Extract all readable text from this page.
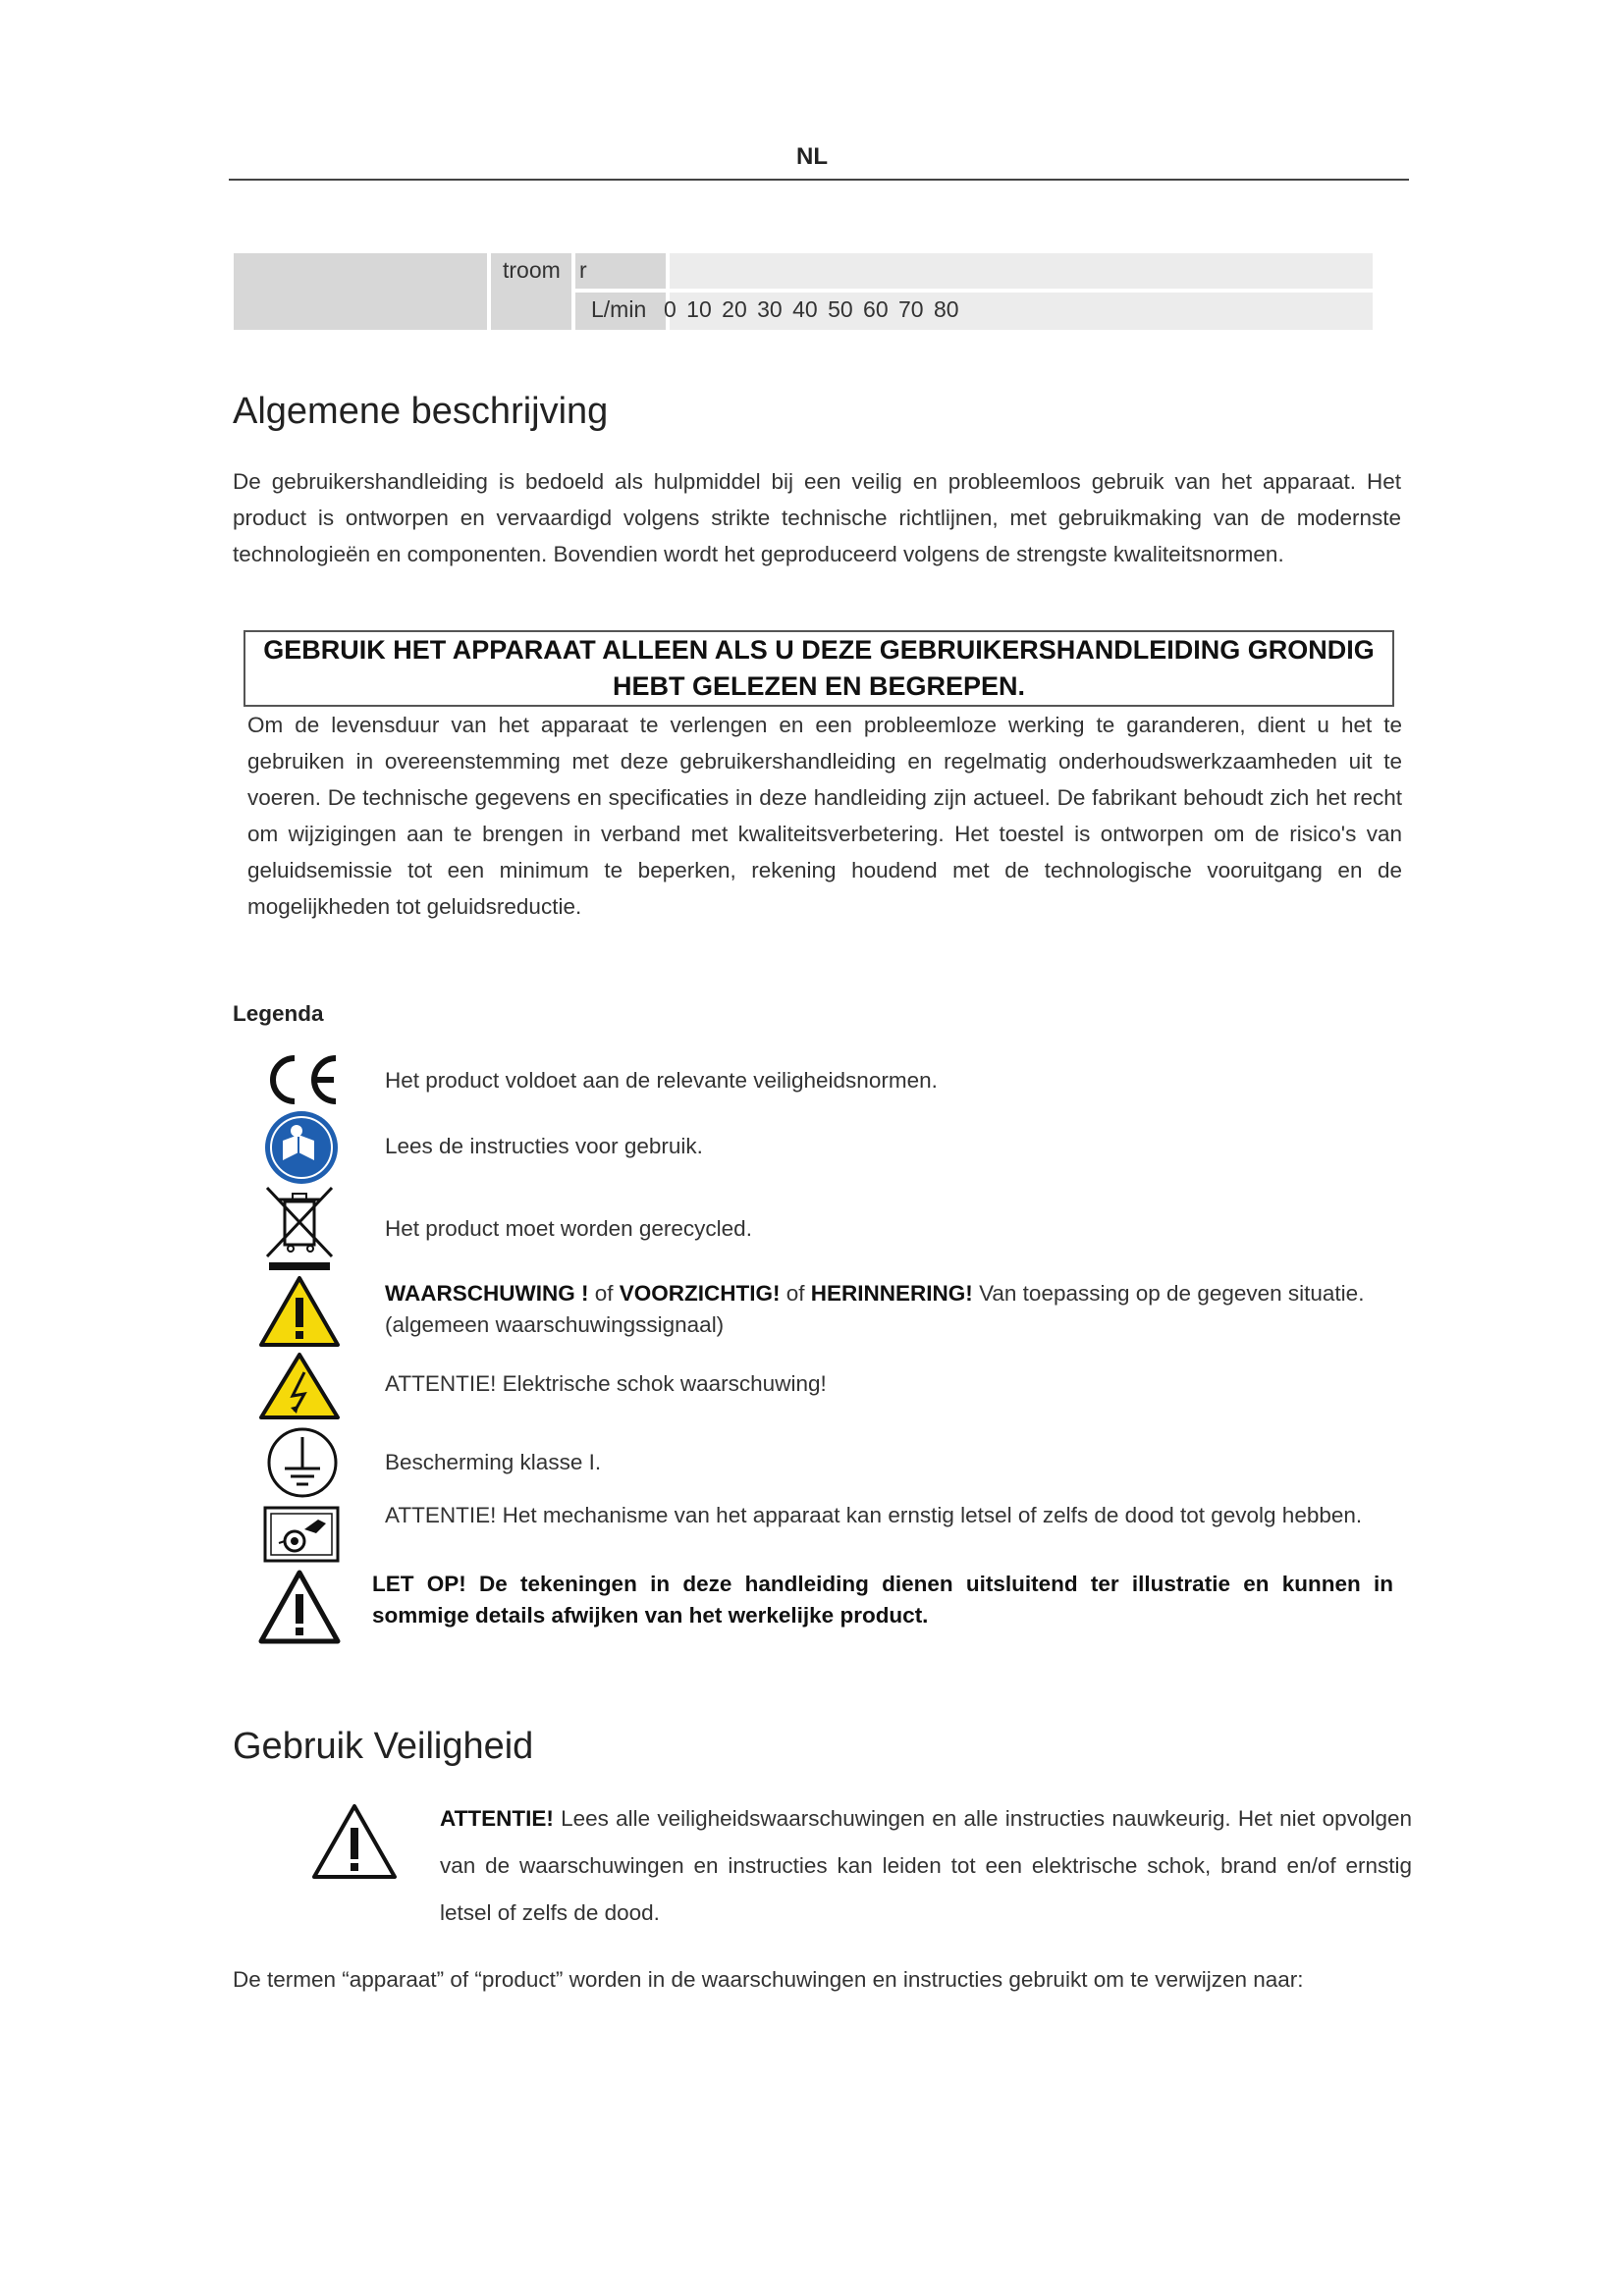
NL
troom r
L/min 0 10 20 30 40 50 60 70 80
Algemene beschrijving
De gebruikershandleiding is bedoeld als hulpmiddel bij een veilig en probleemloos gebruik van het apparaat. Het product is ontworpen en vervaardigd volgens strikte technische richtlijnen, met gebruikmaking van de modernste technologieën en componenten. Bovendien wordt het geproduceerd volgens de strengste kwaliteitsnormen.
GEBRUIK HET APPARAAT ALLEEN ALS U DEZE GEBRUIKERSHANDLEIDING GRONDIG
HEBT GELEZEN EN BEGREPEN.
Om de levensduur van het apparaat te verlengen en een probleemloze werking te garanderen, dient u het te gebruiken in overeenstemming met deze gebruikershandleiding en regelmatig onderhoudswerkzaamheden uit te voeren. De technische gegevens en specificaties in deze handleiding zijn actueel. De fabrikant behoudt zich het recht om wijzigingen aan te brengen in verband met kwaliteitsverbetering. Het toestel is ontworpen om de risico's van geluidsemissie tot een minimum te beperken, rekening houdend met de technologische vooruitgang en de mogelijkheden tot geluidsreductie.
Legenda
Het product voldoet aan de relevante veiligheidsnormen.
Lees de instructies voor gebruik.
Het product moet worden gerecycled.
WAARSCHUWING ! of VOORZICHTIG! of HERINNERING! Van toepassing op de gegeven situatie.
(algemeen waarschuwingssignaal)
ATTENTIE! Elektrische schok waarschuwing!
Bescherming klasse I.
ATTENTIE! Het mechanisme van het apparaat kan ernstig letsel of zelfs de dood tot gevolg hebben.
LET OP! De tekeningen in deze handleiding dienen uitsluitend ter illustratie en kunnen in sommige details afwijken van het werkelijke product.
Gebruik Veiligheid
ATTENTIE! Lees alle veiligheidswaarschuwingen en alle instructies nauwkeurig. Het niet opvolgen van de waarschuwingen en instructies kan leiden tot een elektrische schok, brand en/of ernstig letsel of zelfs de dood.
De termen “apparaat” of “product” worden in de waarschuwingen en instructies gebruikt om te verwijzen naar:
